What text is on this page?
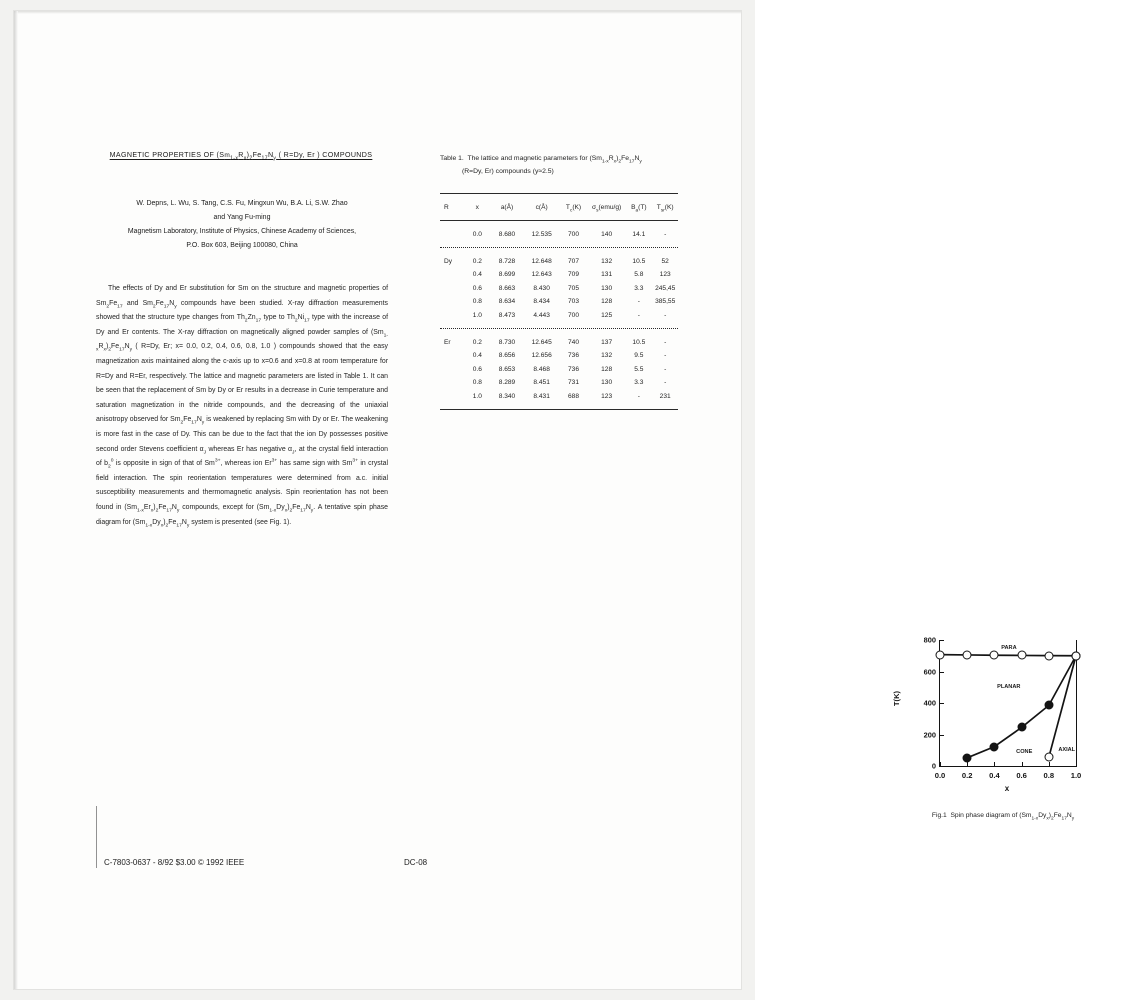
MAGNETIC PROPERTIES OF $(Sm_{1-x}R_x)_2Fe_{17}N_y$ ( R=Dy, Er ) COMPOUNDS
W. Depns, L. Wu, S. Tang, C.S. Fu, Mingxun Wu, B.A. Li, S.W. Zhao
and Yang Fu-ming
Magnetism Laboratory, Institute of Physics, Chinese Academy of Sciences,
P.O. Box 603, Beijing 100080, China

The effects of Dy and Er substitution for Sm on the structure and magnetic properties of $Sm_2Fe_{17}$ and $Sm_2Fe_{17}N_y$ compounds have been studied. X-ray diffraction measurements showed that the structure type changes from $Th_2Zn_{17}$ type to $Th_2Ni_{17}$ type with the increase of Dy and Er contents. The X-ray diffraction on magnetically aligned powder samples of $(Sm_{1-x}R_x)_2Fe_{17}N_y$ ( R=Dy, Er; x= 0.0, 0.2, 0.4, 0.6, 0.8, 1.0 ) compounds showed that the easy magnetization axis maintained along the c-axis up to x=0.6 and x=0.8 at room temperature for R=Dy and R=Er, respectively. The lattice and magnetic parameters are listed in Table 1. It can be seen that the replacement of Sm by Dy or Er results in a decrease in Curie temperature and saturation magnetization in the nitride compounds, and the decreasing of the uniaxial anisotropy observed for $Sm_2Fe_{17}N_y$ is weakened by replacing Sm with Dy or Er. The weakening is more fast in the case of Dy. This can be due to the fact that the ion Dy possesses positive second order Stevens coefficient $\alpha_J$ whereas Er has negative $\alpha_J$, at the crystal field interaction of $b_2^0$ is opposite in sign of that of $Sm^{3+}$, whereas ion $Er^{3+}$ has same sign with $Sm^{3+}$ in crystal field interaction. The spin reorientation temperatures were determined from a.c. initial susceptibility measurements and thermomagnetic analysis. Spin reorientation has not been found in $(Sm_{1-x}Er_x)_2Fe_{17}N_y$ compounds, except for $(Sm_{1-x}Dy_x)_2Fe_{17}N_y$. A tentative spin phase diagram for $(Sm_{1-x}Dy_x)_2Fe_{17}N_y$ system is presented (see Fig. 1).

Table 1.  The lattice and magnetic parameters for $(Sm_{1-x}R_x)_2Fe_{17}N_y$
(R=Dy, Er) compounds (y≈2.5)

R	x	a(Å)	c(Å)	$T_c(K)$	$\sigma_s(emu/g)$	$B_a(T)$	$T_{sr}(K)$

	0.0	8.680	12.535	700	140	14.1	-

Dy	0.2	8.728	12.648	707	132	10.5	52
	0.4	8.699	12.643	709	131	5.8	123
	0.6	8.663	8.430	705	130	3.3	245,45
	0.8	8.634	8.434	703	128	-	385,55
	1.0	8.473	4.443	700	125	-	-

Er	0.2	8.730	12.645	740	137	10.5	-
	0.4	8.656	12.656	736	132	9.5	-
	0.6	8.653	8.468	736	128	5.5	-
	0.8	8.289	8.451	731	130	3.3	-
	1.0	8.340	8.431	688	123	-	231

T(K)
x
0
200
400
600
800
0.0 0.2 0.4 0.6 0.8 1.0
PARA
PLANAR
CONE	AXIAL
Fig.1  Spin phase diagram of $(Sm_{1-x}Dy_x)_2Fe_{17}N_y$
C-7803-0637 - 8/92 $3.00 © 1992 IEEE	DC-08
